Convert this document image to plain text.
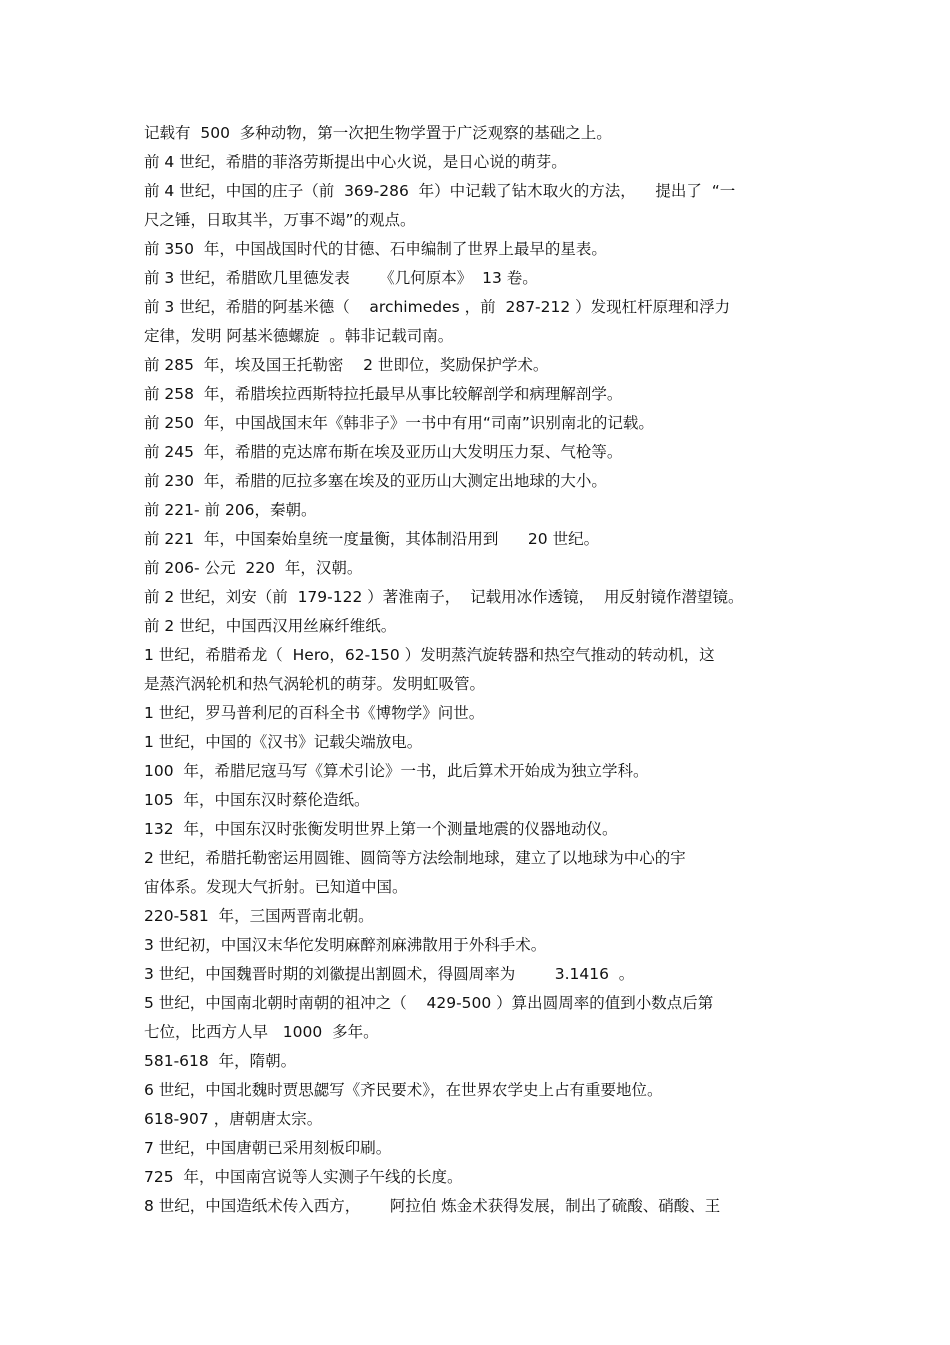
记载有  500  多种动物，第一次把生物学置于广泛观察的基础之上。
前 4 世纪，希腊的菲洛劳斯提出中心火说，是日心说的萌芽。
前 4 世纪，中国的庄子（前  369-286  年）中记载了钻木取火的方法，    提出了  “一
尺之锤，日取其半，万事不竭”的观点。
前 350  年，中国战国时代的甘德、石申编制了世界上最早的星表。
前 3 世纪，希腊欧几里德发表      《几何原本》  13 卷。
前 3 世纪，希腊的阿基米德（    archimedes ，前  287-212 ）发现杠杆原理和浮力
定律，发明 阿基米德螺旋  。韩非记载司南。
前 285  年，埃及国王托勒密    2 世即位，奖励保护学术。
前 258  年，希腊埃拉西斯特拉托最早从事比较解剖学和病理解剖学。
前 250  年，中国战国末年《韩非子》一书中有用“司南”识别南北的记载。
前 245  年，希腊的克达席布斯在埃及亚历山大发明压力泵、气枪等。
前 230  年，希腊的厄拉多塞在埃及的亚历山大测定出地球的大小。
前 221- 前 206，秦朝。
前 221  年，中国秦始皇统一度量衡，其体制沿用到      20 世纪。
前 206- 公元  220  年，汉朝。
前 2 世纪，刘安（前  179-122 ）著淮南子，  记载用冰作透镜，  用反射镜作潜望镜。
前 2 世纪，中国西汉用丝麻纤维纸。
1 世纪，希腊希龙（  Hero，62-150 ）发明蒸汽旋转器和热空气推动的转动机，这
是蒸汽涡轮机和热气涡轮机的萌芽。发明虹吸管。
1 世纪，罗马普利尼的百科全书《博物学》问世。
1 世纪，中国的《汉书》记载尖端放电。
100  年，希腊尼寇马写《算术引论》一书，此后算术开始成为独立学科。
105  年，中国东汉时蔡伦造纸。
132  年，中国东汉时张衡发明世界上第一个测量地震的仪器地动仪。
2 世纪，希腊托勒密运用圆锥、圆筒等方法绘制地球，建立了以地球为中心的宇
宙体系。发现大气折射。已知道中国。
220-581  年，三国两晋南北朝。
3 世纪初，中国汉末华佗发明麻醉剂麻沸散用于外科手术。
3 世纪，中国魏晋时期的刘徽提出割圆术，得圆周率为        3.1416  。
5 世纪，中国南北朝时南朝的祖冲之（    429-500 ）算出圆周率的值到小数点后第
七位，比西方人早   1000  多年。
581-618  年，隋朝。
6 世纪，中国北魏时贾思勰写《齐民要术》，在世界农学史上占有重要地位。
618-907 ，唐朝唐太宗。
7 世纪，中国唐朝已采用刻板印刷。
725  年，中国南宫说等人实测子午线的长度。
8 世纪，中国造纸术传入西方，      阿拉伯 炼金术获得发展，制出了硫酸、硝酸、王
